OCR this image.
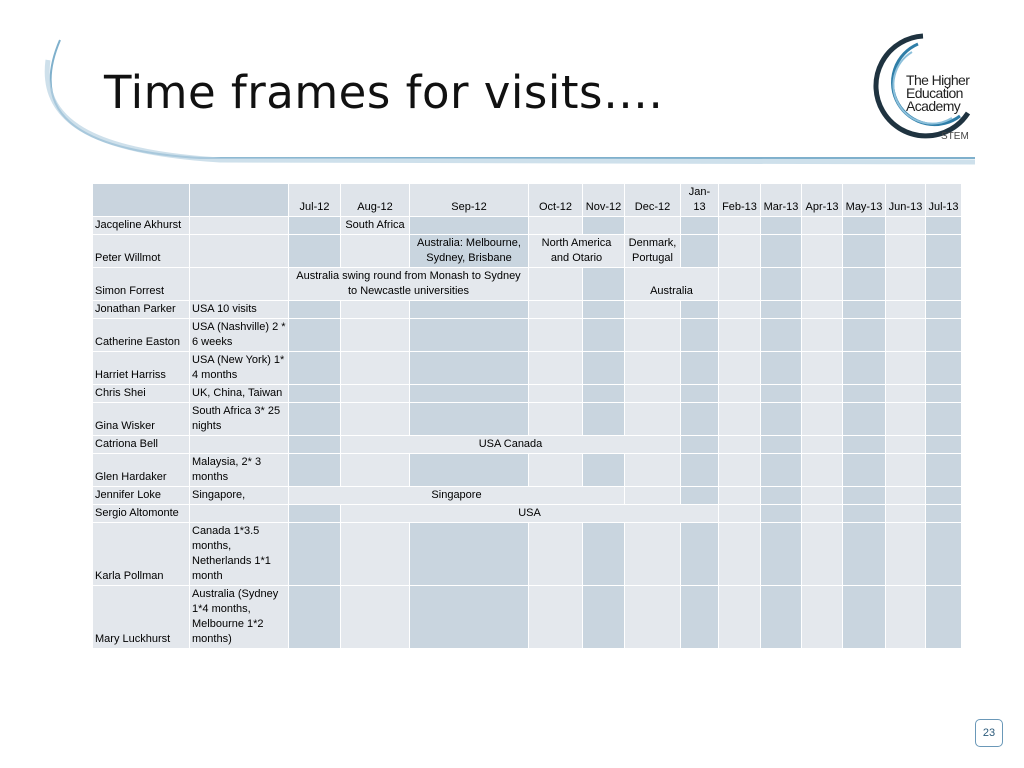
Time frames for visits….	The Higher
Education
Academy
STEM
		Jul-12	Aug-12	Sep-12	Oct-12	Nov-12	Dec-12	Jan-13	Feb-13	Mar-13	Apr-13	May-13	Jun-13	Jul-13
Jacqeline Akhurst			South Africa											
Peter Willmot				Australia: Melbourne, Sydney, Brisbane	North America and Otario		Denmark, Portugal							
Simon Forrest		Australia swing round from Monash to Sydney to Newcastle universities					Australia							
Jonathan Parker	USA 10 visits													
Catherine Easton	USA (Nashville) 2 * 6 weeks													
Harriet Harriss	USA (New York) 1* 4 months													
Chris Shei	UK, China, Taiwan													
Gina Wisker	South Africa 3* 25 nights													
Catriona Bell			USA Canada											
Glen Hardaker	Malaysia, 2* 3 months													
Jennifer Loke	Singapore,	Singapore												
Sergio Altomonte			USA											
Karla Pollman	Canada 1*3.5 months, Netherlands 1*1 month													
Mary Luckhurst	Australia (Sydney 1*4 months, Melbourne 1*2 months)													
23
